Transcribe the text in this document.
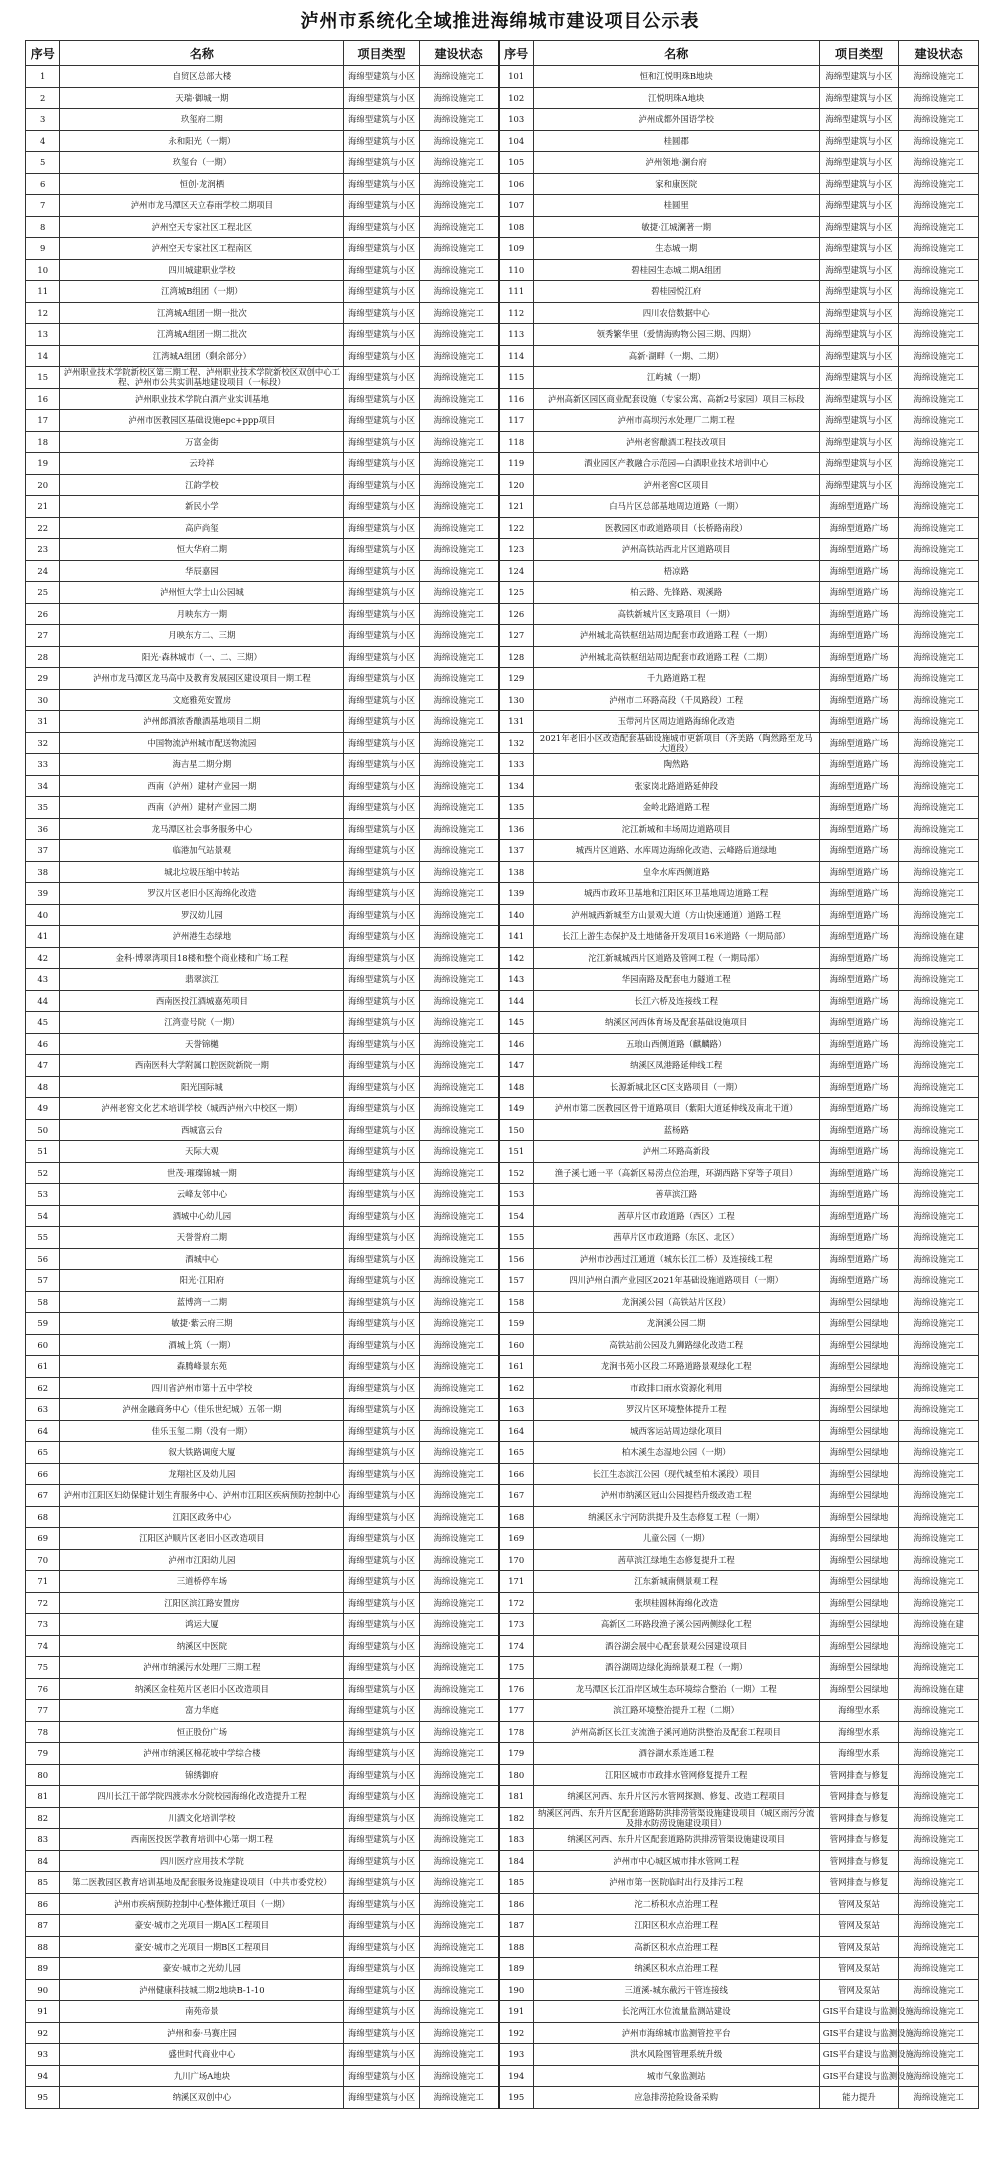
泸州市系统化全域推进海绵城市建设项目公示表
序号	名称	项目类型	建设状态	序号	名称	项目类型	建设状态
1	自贸区总部大楼	海绵型建筑与小区	海绵设施完工	101	恒和江悦明珠B地块	海绵型建筑与小区	海绵设施完工
2	天瑞·御城一期	海绵型建筑与小区	海绵设施完工	102	江悦明珠A地块	海绵型建筑与小区	海绵设施完工
3	玖玺府二期	海绵型建筑与小区	海绵设施完工	103	泸州成都外国语学校	海绵型建筑与小区	海绵设施完工
4	永和阳光（一期）	海绵型建筑与小区	海绵设施完工	104	桂圆郡	海绵型建筑与小区	海绵设施完工
5	玖玺台（一期）	海绵型建筑与小区	海绵设施完工	105	泸州领地·澜台府	海绵型建筑与小区	海绵设施完工
6	恒创·龙润栖	海绵型建筑与小区	海绵设施完工	106	家和康医院	海绵型建筑与小区	海绵设施完工
7	泸州市龙马潭区天立春雨学校二期项目	海绵型建筑与小区	海绵设施完工	107	桂圆里	海绵型建筑与小区	海绵设施完工
8	泸州空天专家社区工程北区	海绵型建筑与小区	海绵设施完工	108	敏捷·江城澜著一期	海绵型建筑与小区	海绵设施完工
9	泸州空天专家社区工程南区	海绵型建筑与小区	海绵设施完工	109	生态城一期	海绵型建筑与小区	海绵设施完工
10	四川城建职业学校	海绵型建筑与小区	海绵设施完工	110	碧桂园生态城二期A组团	海绵型建筑与小区	海绵设施完工
11	江湾城B组团（一期）	海绵型建筑与小区	海绵设施完工	111	碧桂园悦江府	海绵型建筑与小区	海绵设施完工
12	江湾城A组团一期一批次	海绵型建筑与小区	海绵设施完工	112	四川农信数据中心	海绵型建筑与小区	海绵设施完工
13	江湾城A组团一期二批次	海绵型建筑与小区	海绵设施完工	113	领秀繁华里（爱情海购物公园三期、四期）	海绵型建筑与小区	海绵设施完工
14	江湾城A组团（剩余部分）	海绵型建筑与小区	海绵设施完工	114	高新·湖畔（一期、二期）	海绵型建筑与小区	海绵设施完工
15	泸州职业技术学院新校区第三期工程、泸州职业技术学院新校区双创中心工程、泸州市公共实训基地建设项目（一标段）	海绵型建筑与小区	海绵设施完工	115	江屿城（一期）	海绵型建筑与小区	海绵设施完工
16	泸州职业技术学院白酒产业实训基地	海绵型建筑与小区	海绵设施完工	116	泸州高新区园区商业配套设施（专家公寓、高新2号家园）项目三标段	海绵型建筑与小区	海绵设施完工
17	泸州市医教园区基础设施epc+ppp项目	海绵型建筑与小区	海绵设施完工	117	泸州市高坝污水处理厂二期工程	海绵型建筑与小区	海绵设施完工
18	万富金街	海绵型建筑与小区	海绵设施完工	118	泸州老窖酿酒工程技改项目	海绵型建筑与小区	海绵设施完工
19	云玲祥	海绵型建筑与小区	海绵设施完工	119	酒业园区产教融合示范园—白酒职业技术培训中心	海绵型建筑与小区	海绵设施完工
20	江韵学校	海绵型建筑与小区	海绵设施完工	120	泸州老窖C区项目	海绵型建筑与小区	海绵设施完工
21	新民小学	海绵型建筑与小区	海绵设施完工	121	白马片区总部基地周边道路（一期）	海绵型道路广场	海绵设施完工
22	高庐尚玺	海绵型建筑与小区	海绵设施完工	122	医教园区市政道路项目（长桥路南段）	海绵型道路广场	海绵设施完工
23	恒大华府二期	海绵型建筑与小区	海绵设施完工	123	泸州高铁站西北片区道路项目	海绵型道路广场	海绵设施完工
24	华辰嘉园	海绵型建筑与小区	海绵设施完工	124	梧凉路	海绵型道路广场	海绵设施完工
25	泸州恒大学士山公园城	海绵型建筑与小区	海绵设施完工	125	柏云路、先锋路、观溪路	海绵型道路广场	海绵设施完工
26	月映东方一期	海绵型建筑与小区	海绵设施完工	126	高铁新城片区支路项目（一期）	海绵型道路广场	海绵设施完工
27	月映东方二、三期	海绵型建筑与小区	海绵设施完工	127	泸州城北高铁枢纽站周边配套市政道路工程（一期）	海绵型道路广场	海绵设施完工
28	阳光·森林城市（一、二、三期）	海绵型建筑与小区	海绵设施完工	128	泸州城北高铁枢纽站周边配套市政道路工程（二期）	海绵型道路广场	海绵设施完工
29	泸州市龙马潭区龙马高中及教育发展园区建设项目一期工程	海绵型建筑与小区	海绵设施完工	129	千九路道路工程	海绵型道路广场	海绵设施完工
30	文庭雅苑安置房	海绵型建筑与小区	海绵设施完工	130	泸州市二环路高段（千凤路段）工程	海绵型道路广场	海绵设施完工
31	泸州郎酒浓香酿酒基地项目二期	海绵型建筑与小区	海绵设施完工	131	玉带河片区周边道路海绵化改造	海绵型道路广场	海绵设施完工
32	中国物流泸州城市配送物流园	海绵型建筑与小区	海绵设施完工	132	2021年老旧小区改造配套基础设施城市更新项目（齐美路（陶然路至龙马大道段）	海绵型道路广场	海绵设施完工
33	海吉星二期分期	海绵型建筑与小区	海绵设施完工	133	陶然路	海绵型道路广场	海绵设施完工
34	西南（泸州）建材产业园一期	海绵型建筑与小区	海绵设施完工	134	张家岗北路道路延伸段	海绵型道路广场	海绵设施完工
35	西南（泸州）建材产业园二期	海绵型建筑与小区	海绵设施完工	135	金岭北路道路工程	海绵型道路广场	海绵设施完工
36	龙马潭区社会事务服务中心	海绵型建筑与小区	海绵设施完工	136	沱江新城和丰场周边道路项目	海绵型道路广场	海绵设施完工
37	临港加气站景观	海绵型建筑与小区	海绵设施完工	137	城西片区道路、水库周边海绵化改造、云峰路后道绿地	海绵型道路广场	海绵设施完工
38	城北垃圾压缩中转站	海绵型建筑与小区	海绵设施完工	138	皇伞水库西侧道路	海绵型道路广场	海绵设施完工
39	罗汉片区老旧小区海绵化改造	海绵型建筑与小区	海绵设施完工	139	城西市政环卫基地和江阳区环卫基地周边道路工程	海绵型道路广场	海绵设施完工
40	罗汉幼儿园	海绵型建筑与小区	海绵设施完工	140	泸州城西新城至方山景观大道（方山快速通道）道路工程	海绵型道路广场	海绵设施完工
41	泸州港生态绿地	海绵型建筑与小区	海绵设施完工	141	长江上游生态保护及土地储备开发项目16米道路（一期局部）	海绵型道路广场	海绵设施在建
42	金科·博翠湾项目18楼和整个商业楼和广场工程	海绵型建筑与小区	海绵设施完工	142	沱江新城城西片区道路及管网工程（一期局部）	海绵型道路广场	海绵设施完工
43	翡翠滨江	海绵型建筑与小区	海绵设施完工	143	华园南路及配套电力隧道工程	海绵型道路广场	海绵设施完工
44	西南医投江酒城嘉苑项目	海绵型建筑与小区	海绵设施完工	144	长江六桥及连接线工程	海绵型道路广场	海绵设施完工
45	江湾壹号院（一期）	海绵型建筑与小区	海绵设施完工	145	纳溪区河西体育场及配套基础设施项目	海绵型道路广场	海绵设施完工
46	天誉锦樾	海绵型建筑与小区	海绵设施完工	146	五琅山西侧道路（麒麟路）	海绵型道路广场	海绵设施完工
47	西南医科大学附属口腔医院新院一期	海绵型建筑与小区	海绵设施完工	147	纳溪区凤港路延伸线工程	海绵型道路广场	海绵设施完工
48	阳光国际城	海绵型建筑与小区	海绵设施完工	148	长源新城北区C区支路项目（一期）	海绵型道路广场	海绵设施完工
49	泸州老窖文化艺术培训学校（城西泸州六中校区一期）	海绵型建筑与小区	海绵设施完工	149	泸州市第二医教园区骨干道路项目（紫阳大道延伸线及南北干道）	海绵型道路广场	海绵设施完工
50	西城富云台	海绵型建筑与小区	海绵设施完工	150	蓝杨路	海绵型道路广场	海绵设施完工
51	天际大观	海绵型建筑与小区	海绵设施完工	151	泸州二环路高新段	海绵型道路广场	海绵设施完工
52	世茂·璀璨锦城一期	海绵型建筑与小区	海绵设施完工	152	渔子溪七通一平（高新区易涝点位治理，环湖西路下穿等子项目）	海绵型道路广场	海绵设施完工
53	云峰友邻中心	海绵型建筑与小区	海绵设施完工	153	善草滨江路	海绵型道路广场	海绵设施完工
54	酒城中心幼儿园	海绵型建筑与小区	海绵设施完工	154	茜草片区市政道路（西区）工程	海绵型道路广场	海绵设施完工
55	天誉誉府二期	海绵型建筑与小区	海绵设施完工	155	茜草片区市政道路（东区、北区）	海绵型道路广场	海绵设施完工
56	酒城中心	海绵型建筑与小区	海绵设施完工	156	泸州市沙茜过江通道（城东长江二桥）及连接线工程	海绵型道路广场	海绵设施完工
57	阳光·江阳府	海绵型建筑与小区	海绵设施完工	157	四川泸州白酒产业园区2021年基础设施道路项目（一期）	海绵型道路广场	海绵设施完工
58	蓝博湾一二期	海绵型建筑与小区	海绵设施完工	158	龙涧溪公园（高铁站片区段）	海绵型公园绿地	海绵设施完工
59	敏捷·紫云府三期	海绵型建筑与小区	海绵设施完工	159	龙涧溪公园二期	海绵型公园绿地	海绵设施完工
60	酒城上筑（一期）	海绵型建筑与小区	海绵设施完工	160	高铁站前公园及九狮路绿化改造工程	海绵型公园绿地	海绵设施完工
61	森腾峰景东苑	海绵型建筑与小区	海绵设施完工	161	龙涧书苑小区段二环路道路景观绿化工程	海绵型公园绿地	海绵设施完工
62	四川省泸州市第十五中学校	海绵型建筑与小区	海绵设施完工	162	市政排口雨水资源化利用	海绵型公园绿地	海绵设施完工
63	泸州金融商务中心（佳乐世纪城）五邻一期	海绵型建筑与小区	海绵设施完工	163	罗汉片区环境整体提升工程	海绵型公园绿地	海绵设施完工
64	佳乐玉玺二期（没有一期）	海绵型建筑与小区	海绵设施完工	164	城西客运站周边绿化项目	海绵型公园绿地	海绵设施完工
65	叙大铁路调度大厦	海绵型建筑与小区	海绵设施完工	165	柏木溪生态湿地公园（一期）	海绵型公园绿地	海绵设施完工
66	龙翔社区及幼儿园	海绵型建筑与小区	海绵设施完工	166	长江生态滨江公园（现代城至柏木溪段）项目	海绵型公园绿地	海绵设施完工
67	泸州市江阳区妇幼保健计划生育服务中心、泸州市江阳区疾病预防控制中心	海绵型建筑与小区	海绵设施完工	167	泸州市纳溪区冠山公园提档升级改造工程	海绵型公园绿地	海绵设施完工
68	江阳区政务中心	海绵型建筑与小区	海绵设施完工	168	纳溪区永宁河防洪提升及生态修复工程（一期）	海绵型公园绿地	海绵设施完工
69	江阳区泸顺片区老旧小区改造项目	海绵型建筑与小区	海绵设施完工	169	儿童公园（一期）	海绵型公园绿地	海绵设施完工
70	泸州市江阳幼儿园	海绵型建筑与小区	海绵设施完工	170	茜草滨江绿地生态修复提升工程	海绵型公园绿地	海绵设施完工
71	三道桥停车场	海绵型建筑与小区	海绵设施完工	171	江东新城南侧景观工程	海绵型公园绿地	海绵设施完工
72	江阳区滨江路安置房	海绵型建筑与小区	海绵设施完工	172	张坝桂圆林海绵化改造	海绵型公园绿地	海绵设施完工
73	鸿运大厦	海绵型建筑与小区	海绵设施完工	173	高新区二环路段渔子溪公园两侧绿化工程	海绵型公园绿地	海绵设施在建
74	纳溪区中医院	海绵型建筑与小区	海绵设施完工	174	酒谷湖会展中心配套景观公园建设项目	海绵型公园绿地	海绵设施完工
75	泸州市纳溪污水处理厂三期工程	海绵型建筑与小区	海绵设施完工	175	酒谷湖周边绿化海绵景观工程（一期）	海绵型公园绿地	海绵设施完工
76	纳溪区金柱苑片区老旧小区改造项目	海绵型建筑与小区	海绵设施完工	176	龙马潭区长江沿岸区域生态环境综合整治（一期）工程	海绵型公园绿地	海绵设施在建
77	富力华庭	海绵型建筑与小区	海绵设施完工	177	滨江路环境整治提升工程（二期）	海绵型水系	海绵设施完工
78	恒正股份广场	海绵型建筑与小区	海绵设施完工	178	泸州高新区长江支流渔子溪河道防洪整治及配套工程项目	海绵型水系	海绵设施完工
79	泸州市纳溪区棉花坡中学综合楼	海绵型建筑与小区	海绵设施完工	179	酒谷湖水系连通工程	海绵型水系	海绵设施完工
80	锦绣御府	海绵型建筑与小区	海绵设施完工	180	江阳区城市市政排水管网修复提升工程	管网排查与修复	海绵设施完工
81	四川长江干部学院四渡赤水分院校园海绵化改造提升工程	海绵型建筑与小区	海绵设施完工	181	纳溪区河西、东升片区污水管网探测、修复、改造工程项目	管网排查与修复	海绵设施完工
82	川酒文化培训学校	海绵型建筑与小区	海绵设施完工	182	纳溪区河西、东升片区配套道路防洪排涝管渠设施建设项目（城区雨污分流及排水防涝设施建设项目）	管网排查与修复	海绵设施完工
83	西南医投医学教育培训中心第一期工程	海绵型建筑与小区	海绵设施完工	183	纳溪区河西、东升片区配套道路防洪排涝管渠设施建设项目	管网排查与修复	海绵设施完工
84	四川医疗应用技术学院	海绵型建筑与小区	海绵设施完工	184	泸州市中心城区城市排水管网工程	管网排查与修复	海绵设施完工
85	第二医教园区教育培训基地及配套服务设施建设项目（中共市委党校）	海绵型建筑与小区	海绵设施完工	185	泸州市第一医院临时出行及排污工程	管网排查与修复	海绵设施完工
86	泸州市疾病预防控制中心整体搬迁项目（一期）	海绵型建筑与小区	海绵设施完工	186	沱二桥积水点治理工程	管网及泵站	海绵设施完工
87	豪安·城市之光项目一期A区工程项目	海绵型建筑与小区	海绵设施完工	187	江阳区积水点治理工程	管网及泵站	海绵设施完工
88	豪安·城市之光项目一期B区工程项目	海绵型建筑与小区	海绵设施完工	188	高新区积水点治理工程	管网及泵站	海绵设施完工
89	豪安·城市之光幼儿园	海绵型建筑与小区	海绵设施完工	189	纳溪区积水点治理工程	管网及泵站	海绵设施完工
90	泸州健康科技城二期2地块B-1-10	海绵型建筑与小区	海绵设施完工	190	三道溪-城东截污干管连接线	管网及泵站	海绵设施完工
91	南苑帝景	海绵型建筑与小区	海绵设施完工	191	长沱两江水位流量监测站建设	GIS平台建设与监测设施	海绵设施完工
92	泸州和泰·马赛庄园	海绵型建筑与小区	海绵设施完工	192	泸州市海绵城市监测管控平台	GIS平台建设与监测设施	海绵设施完工
93	盛世时代商业中心	海绵型建筑与小区	海绵设施完工	193	洪水风险图管理系统升级	GIS平台建设与监测设施	海绵设施完工
94	九川广场A地块	海绵型建筑与小区	海绵设施完工	194	城市气象监测站	GIS平台建设与监测设施	海绵设施完工
95	纳溪区双创中心	海绵型建筑与小区	海绵设施完工	195	应急排涝抢险设备采购	能力提升	海绵设施完工
